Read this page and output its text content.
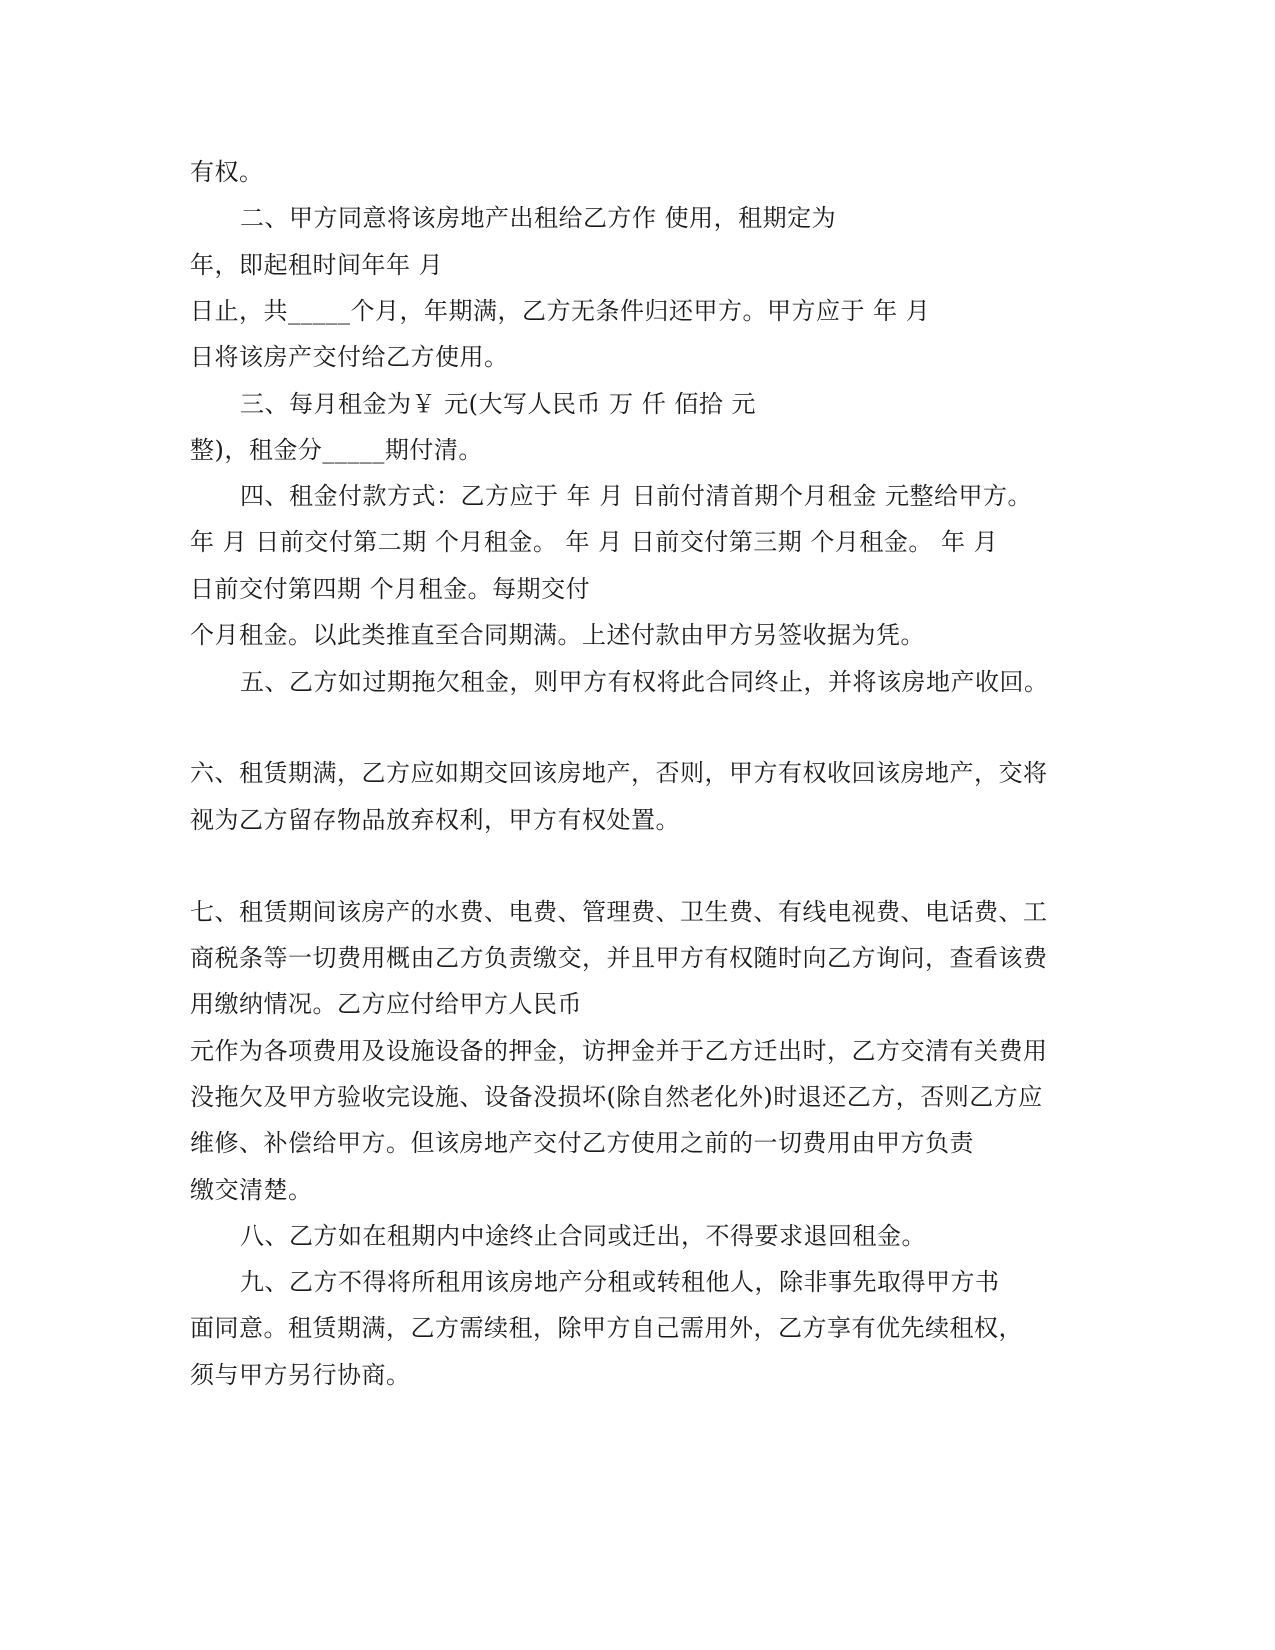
有权。
二、甲方同意将该房地产出租给乙方作 使用，租期定为
年，即起租时间年年 月
日止，共_____个月，年期满，乙方无条件归还甲方。甲方应于 年 月
日将该房产交付给乙方使用。
三、每月租金为￥ 元(大写人民币 万 仟 佰拾 元
整)，租金分_____期付清。
四、租金付款方式：乙方应于 年 月 日前付清首期个月租金 元整给甲方。
年 月 日前交付第二期 个月租金。 年 月 日前交付第三期 个月租金。 年 月
日前交付第四期 个月租金。每期交付
个月租金。以此类推直至合同期满。上述付款由甲方另签收据为凭。
五、乙方如过期拖欠租金，则甲方有权将此合同终止，并将该房地产收回。
六、租赁期满，乙方应如期交回该房地产，否则，甲方有权收回该房地产，交将
视为乙方留存物品放弃权利，甲方有权处置。
七、租赁期间该房产的水费、电费、管理费、卫生费、有线电视费、电话费、工
商税条等一切费用概由乙方负责缴交，并且甲方有权随时向乙方询问，查看该费
用缴纳情况。乙方应付给甲方人民币
元作为各项费用及设施设备的押金，访押金并于乙方迁出时，乙方交清有关费用
没拖欠及甲方验收完设施、设备没损坏(除自然老化外)时退还乙方，否则乙方应
维修、补偿给甲方。但该房地产交付乙方使用之前的一切费用由甲方负责
缴交清楚。
八、乙方如在租期内中途终止合同或迁出，不得要求退回租金。
九、乙方不得将所租用该房地产分租或转租他人，除非事先取得甲方书
面同意。租赁期满，乙方需续租，除甲方自己需用外，乙方享有优先续租权，
须与甲方另行协商。
